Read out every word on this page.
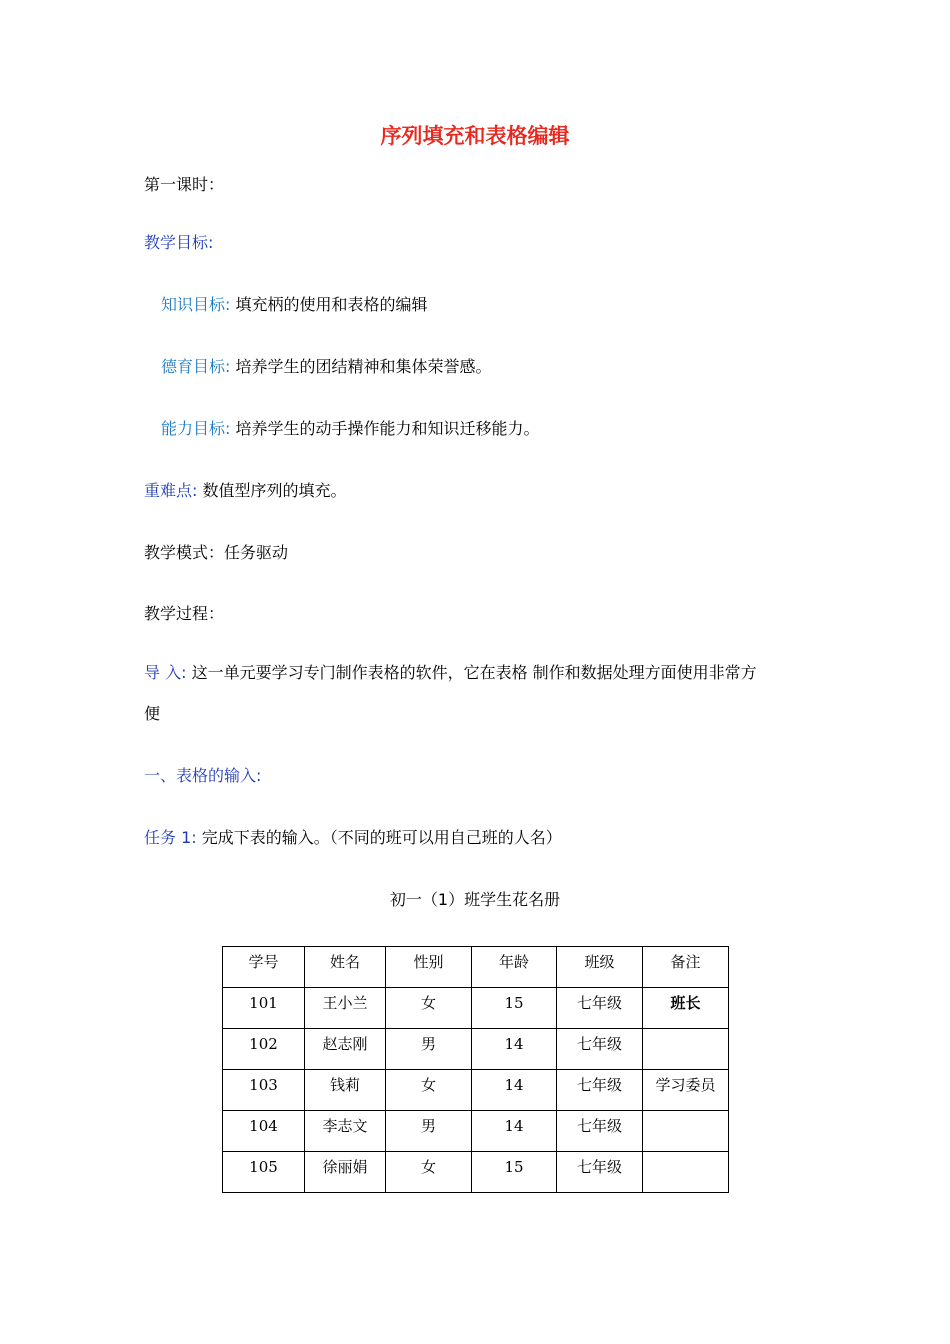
序列填充和表格编辑
第一课时：
教学目标:
知识目标: 填充柄的使用和表格的编辑
德育目标: 培养学生的团结精神和集体荣誉感。
能力目标: 培养学生的动手操作能力和知识迁移能力。
重难点: 数值型序列的填充。
教学模式：任务驱动
教学过程：
导 入: 这一单元要学习专门制作表格的软件，它在表格 制作和数据处理方面使用非常方
便
一、表格的输入:
任务 1: 完成下表的输入。（不同的班可以用自己班的人名）
初一（1）班学生花名册
学号	姓名	性别	年龄	班级	备注
101	王小兰	女	15	七年级	班长
102	赵志刚	男	14	七年级	
103	钱莉	女	14	七年级	学习委员
104	李志文	男	14	七年级	
105	徐丽娟	女	15	七年级	
